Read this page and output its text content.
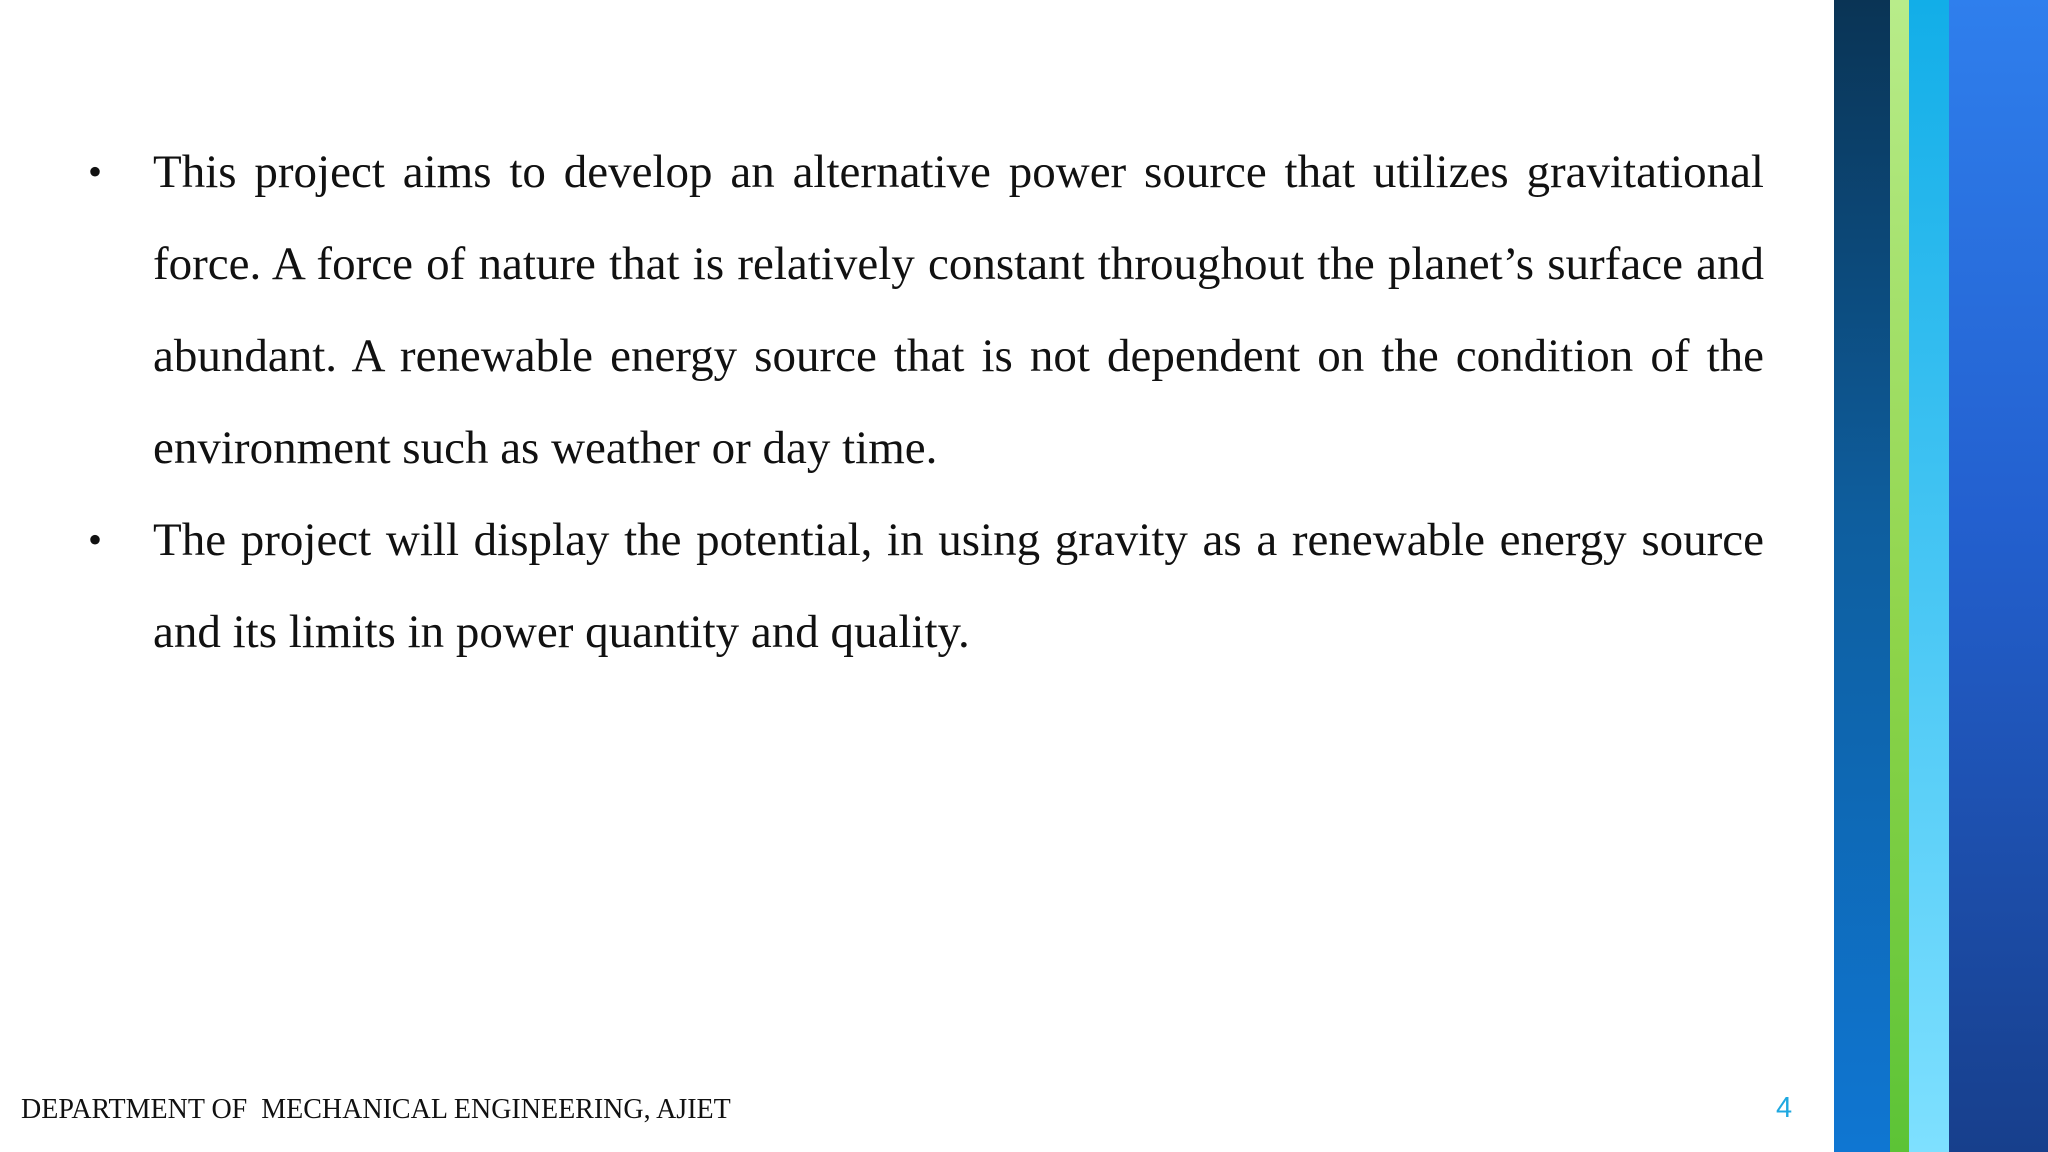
• This project aims to develop an alternative power source that utilizes gravitational force. A force of nature that is relatively constant throughout the planet’s surface and abundant. A renewable energy source that is not dependent on the condition of the environment such as weather or day time.
• The project will display the potential, in using gravity as a renewable energy source and its limits in power quantity and quality.
DEPARTMENT OF  MECHANICAL ENGINEERING, AJIET	4
